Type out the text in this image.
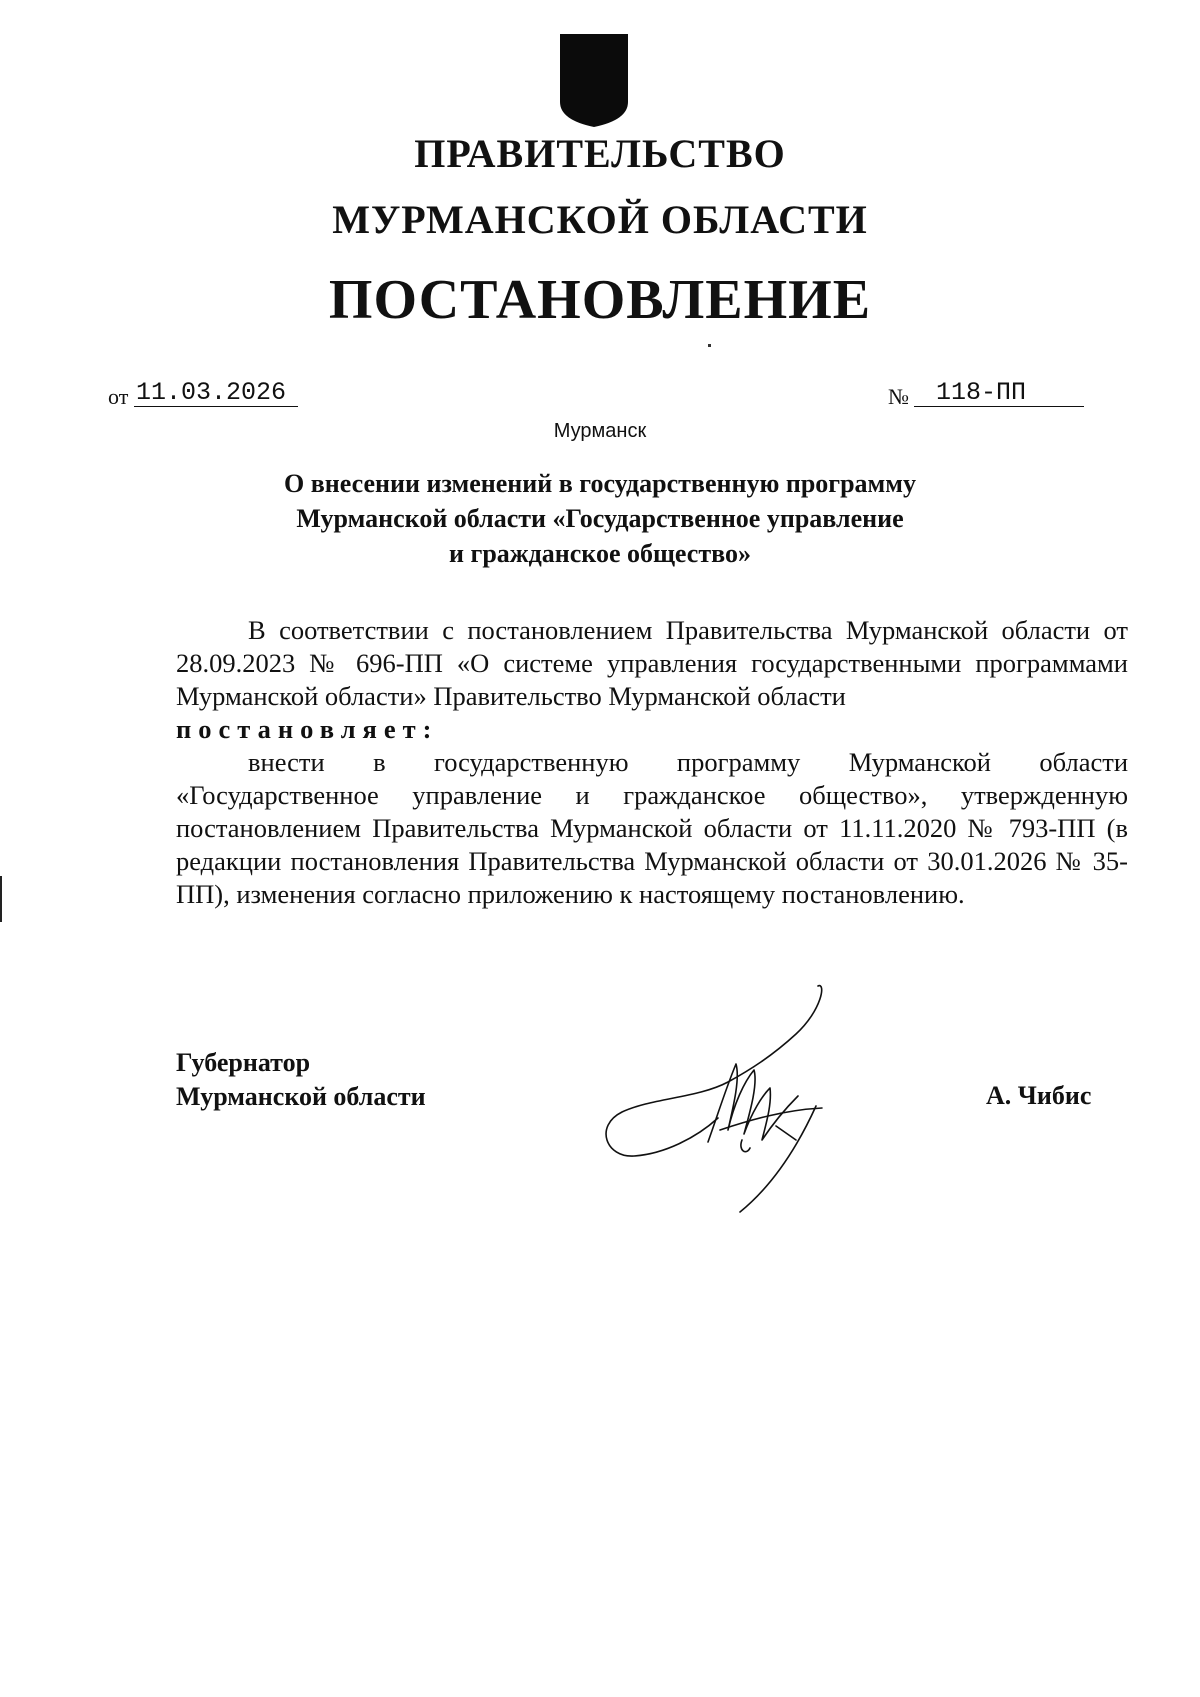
ПРАВИТЕЛЬСТВО
МУРМАНСКОЙ ОБЛАСТИ
ПОСТАНОВЛЕНИЕ
от 11.03.2026	№ 118-ПП
Мурманск
О внесении изменений в государственную программу
Мурманской области «Государственное управление
и гражданское общество»

В соответствии с постановлением Правительства Мурманской области от 28.09.2023 № 696-ПП «О системе управления государственными программами Мурманской области» Правительство Мурманской области

постановляет:

внести в государственную программу Мурманской области «Государственное управление и гражданское общество», утвержденную постановлением Правительства Мурманской области от 11.11.2020 № 793-ПП (в редакции постановления Правительства Мурманской области от 30.01.2026 № 35-ПП), изменения согласно приложению к настоящему постановлению.

Губернатор
Мурманской области	А. Чибис
